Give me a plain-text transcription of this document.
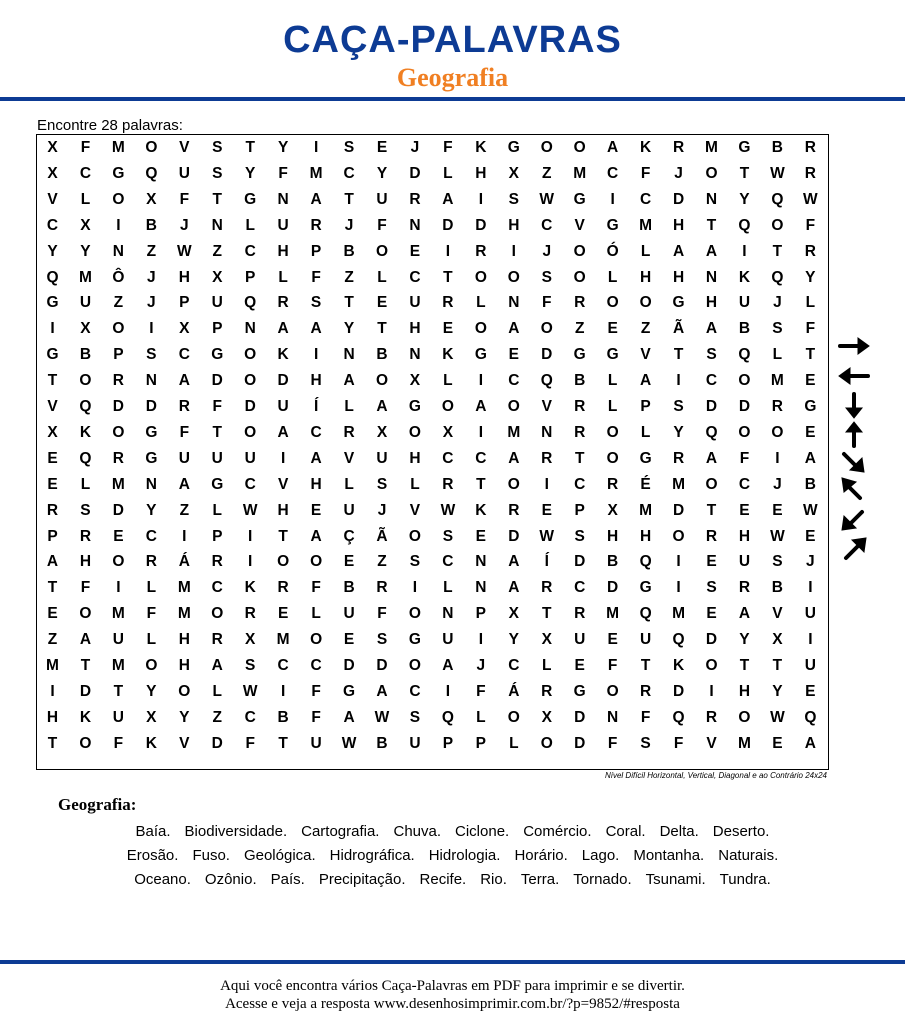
CAÇA-PALAVRAS
Geografia
Encontre 28 palavras:
X	F	M	O	V	S	T	Y	I	S	E	J	F	K	G	O	O	A	K	R	M	G	B	R
X	C	G	Q	U	S	Y	F	M	C	Y	D	L	H	X	Z	M	C	F	J	O	T	W	R
V	L	O	X	F	T	G	N	A	T	U	R	A	I	S	W	G	I	C	D	N	Y	Q	W
C	X	I	B	J	N	L	U	R	J	F	N	D	D	H	C	V	G	M	H	T	Q	O	F
Y	Y	N	Z	W	Z	C	H	P	B	O	E	I	R	I	J	O	Ó	L	A	A	I	T	R
Q	M	Ô	J	H	X	P	L	F	Z	L	C	T	O	O	S	O	L	H	H	N	K	Q	Y
G	U	Z	J	P	U	Q	R	S	T	E	U	R	L	N	F	R	O	O	G	H	U	J	L
I	X	O	I	X	P	N	A	A	Y	T	H	E	O	A	O	Z	E	Z	Ã	A	B	S	F
G	B	P	S	C	G	O	K	I	N	B	N	K	G	E	D	G	G	V	T	S	Q	L	T
T	O	R	N	A	D	O	D	H	A	O	X	L	I	C	Q	B	L	A	I	C	O	M	E
V	Q	D	D	R	F	D	U	Í	L	A	G	O	A	O	V	R	L	P	S	D	D	R	G
X	K	O	G	F	T	O	A	C	R	X	O	X	I	M	N	R	O	L	Y	Q	O	O	E
E	Q	R	G	U	U	U	I	A	V	U	H	C	C	A	R	T	O	G	R	A	F	I	A
E	L	M	N	A	G	C	V	H	L	S	L	R	T	O	I	C	R	É	M	O	C	J	B
R	S	D	Y	Z	L	W	H	E	U	J	V	W	K	R	E	P	X	M	D	T	E	E	W
P	R	E	C	I	P	I	T	A	Ç	Ã	O	S	E	D	W	S	H	H	O	R	H	W	E
A	H	O	R	Á	R	I	O	O	E	Z	S	C	N	A	Í	D	B	Q	I	E	U	S	J
T	F	I	L	M	C	K	R	F	B	R	I	L	N	A	R	C	D	G	I	S	R	B	I
E	O	M	F	M	O	R	E	L	U	F	O	N	P	X	T	R	M	Q	M	E	A	V	U
Z	A	U	L	H	R	X	M	O	E	S	G	U	I	Y	X	U	E	U	Q	D	Y	X	I
M	T	M	O	H	A	S	C	C	D	D	O	A	J	C	L	E	F	T	K	O	T	T	U
I	D	T	Y	O	L	W	I	F	G	A	C	I	F	Á	R	G	O	R	D	I	H	Y	E
H	K	U	X	Y	Z	C	B	F	A	W	S	Q	L	O	X	D	N	F	Q	R	O	W	Q
T	O	F	K	V	D	F	T	U	W	B	U	P	P	L	O	D	F	S	F	V	M	E	A
Nível Difícil Horizontal, Vertical, Diagonal e ao Contrário 24x24
Geografia:
Baía. Biodiversidade. Cartografia. Chuva. Ciclone. Comércio. Coral. Delta. Deserto.
Erosão. Fuso. Geológica. Hidrográfica. Hidrologia. Horário. Lago. Montanha. Naturais.
Oceano. Ozônio. País. Precipitação. Recife. Rio. Terra. Tornado. Tsunami. Tundra.
Aqui você encontra vários Caça-Palavras em PDF para imprimir e se divertir.
Acesse e veja a resposta www.desenhosimprimir.com.br/?p=9852/#resposta
